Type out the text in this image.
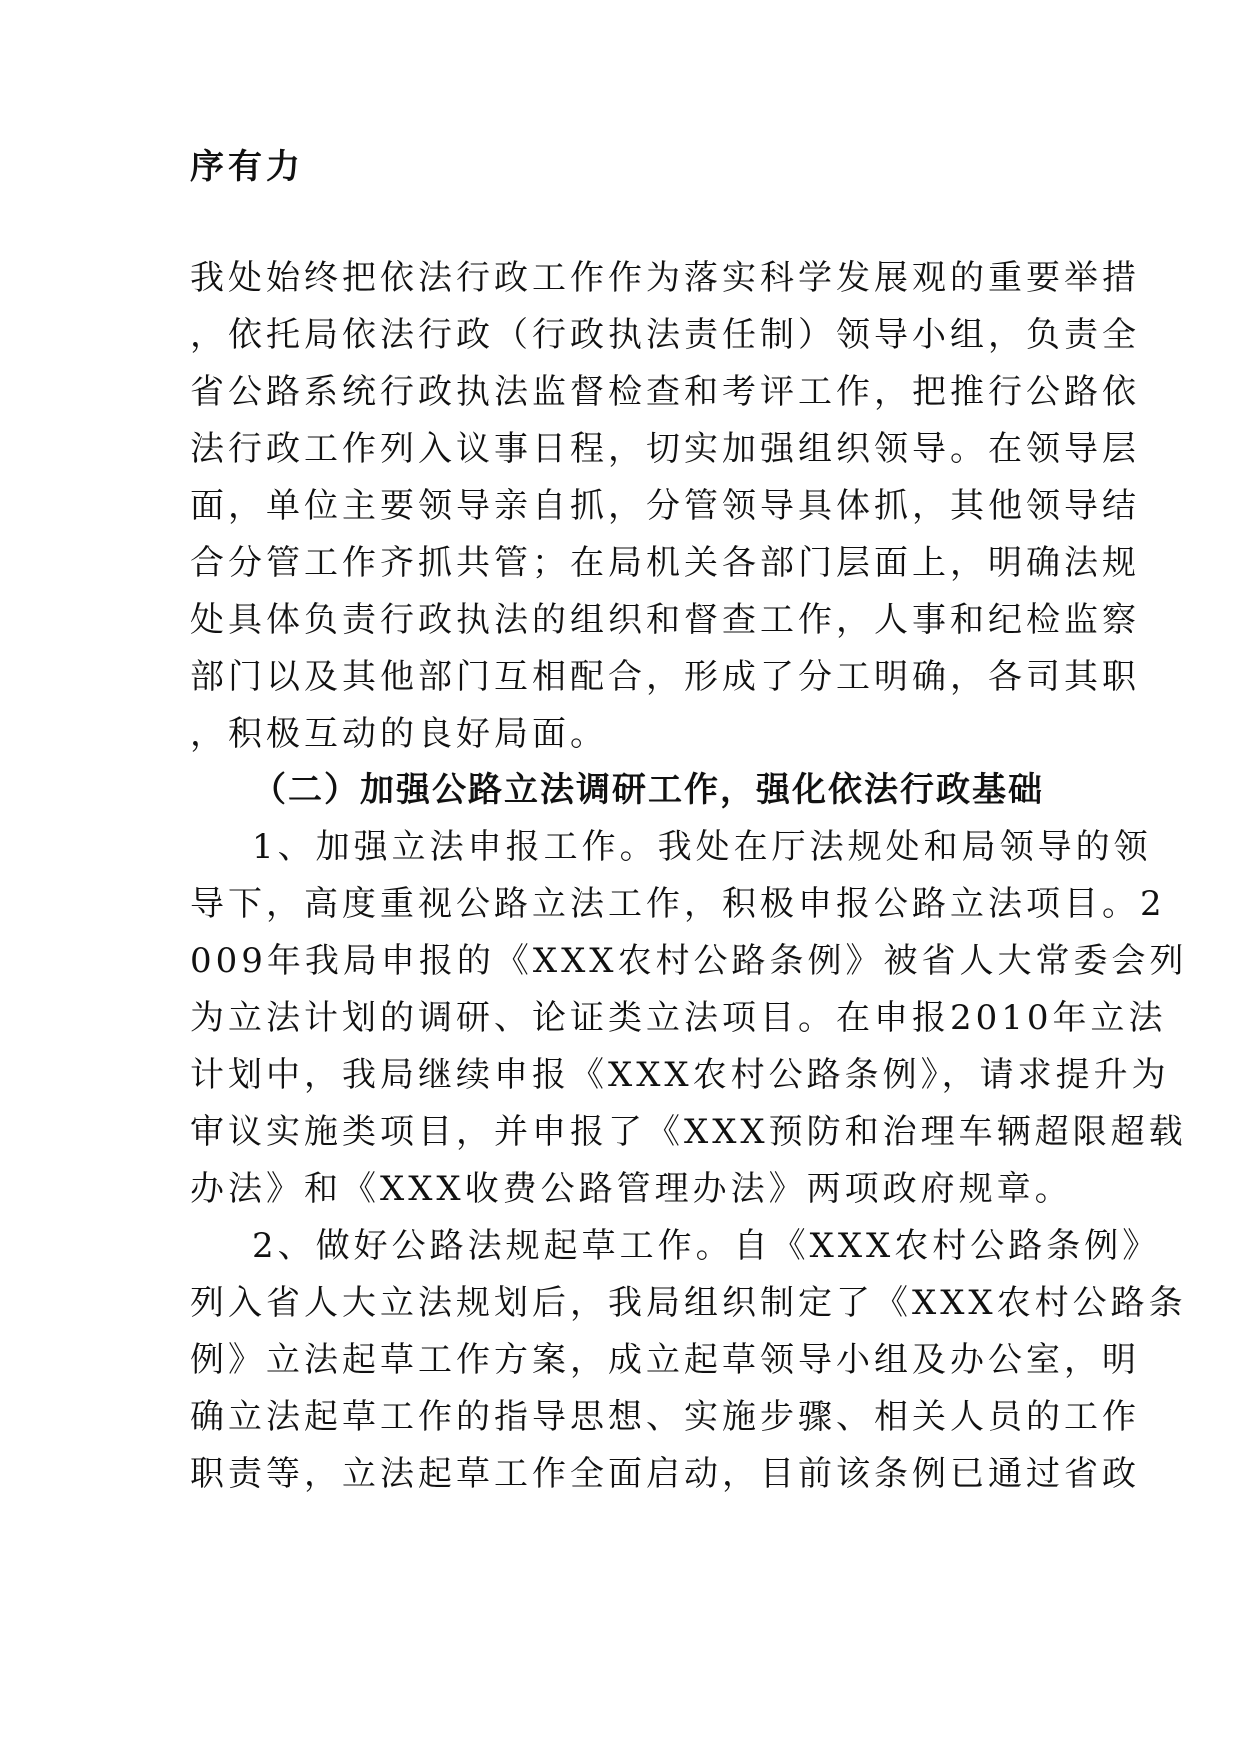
序有力
我处始终把依法行政工作作为落实科学发展观的重要举措
，依托局依法行政（行政执法责任制）领导小组，负责全
省公路系统行政执法监督检查和考评工作，把推行公路依
法行政工作列入议事日程，切实加强组织领导。在领导层
面，单位主要领导亲自抓，分管领导具体抓，其他领导结
合分管工作齐抓共管；在局机关各部门层面上，明确法规
处具体负责行政执法的组织和督查工作，人事和纪检监察
部门以及其他部门互相配合，形成了分工明确，各司其职
，积极互动的良好局面。
（二）加强公路立法调研工作，强化依法行政基础
1、加强立法申报工作。我处在厅法规处和局领导的领
导下，高度重视公路立法工作，积极申报公路立法项目。2
009年我局申报的《XXX农村公路条例》被省人大常委会列
为立法计划的调研、论证类立法项目。在申报2010年立法
计划中，我局继续申报《XXX农村公路条例》，请求提升为
审议实施类项目，并申报了《XXX预防和治理车辆超限超载
办法》和《XXX收费公路管理办法》两项政府规章。
2、做好公路法规起草工作。自《XXX农村公路条例》
列入省人大立法规划后，我局组织制定了《XXX农村公路条
例》立法起草工作方案，成立起草领导小组及办公室，明
确立法起草工作的指导思想、实施步骤、相关人员的工作
职责等，立法起草工作全面启动，目前该条例已通过省政
